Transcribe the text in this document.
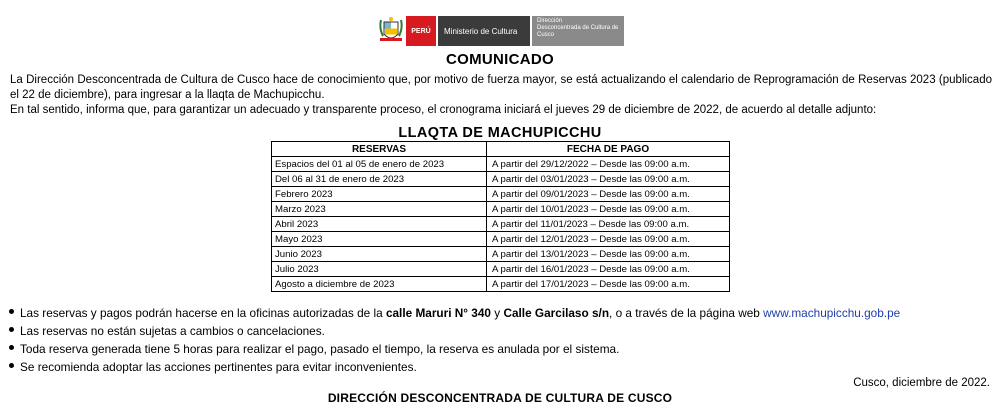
PERÚ Ministerio de Cultura
Dirección
Desconcentrada de Cultura de
Cusco
COMUNICADO

La Dirección Desconcentrada de Cultura de Cusco hace de conocimiento que, por motivo de fuerza mayor, se está actualizando el calendario de Reprogramación de Reservas 2023 (publicado el 22 de diciembre), para ingresar a la llaqta de Machupicchu.

En tal sentido, informa que, para garantizar un adecuado y transparente proceso, el cronograma iniciará el jueves 29 de diciembre de 2022, de acuerdo al detalle adjunto:

LLAQTA DE MACHUPICCHU
RESERVAS	FECHA DE PAGO
Espacios del 01 al 05 de enero de 2023	A partir del 29/12/2022 – Desde las 09:00 a.m.
Del 06 al 31 de enero de 2023	A partir del 03/01/2023 – Desde las 09:00 a.m.
Febrero 2023	A partir del 09/01/2023 – Desde las 09:00 a.m.
Marzo 2023	A partir del 10/01/2023 – Desde las 09:00 a.m.
Abril 2023	A partir del 11/01/2023 – Desde las 09:00 a.m.
Mayo 2023	A partir del 12/01/2023 – Desde las 09:00 a.m.
Junio 2023	A partir del 13/01/2023 – Desde las 09:00 a.m.
Julio 2023	A partir del 16/01/2023 – Desde las 09:00 a.m.
Agosto a diciembre de 2023	A partir del 17/01/2023 – Desde las 09:00 a.m.
Las reservas y pagos podrán hacerse en la oficinas autorizadas de la calle Maruri N° 340 y Calle Garcilaso s/n, o a través de la página web www.machupicchu.gob.pe
Las reservas no están sujetas a cambios o cancelaciones.
Toda reserva generada tiene 5 horas para realizar el pago, pasado el tiempo, la reserva es anulada por el sistema.
Se recomienda adoptar las acciones pertinentes para evitar inconvenientes.
Cusco, diciembre de 2022.
DIRECCIÓN DESCONCENTRADA DE CULTURA DE CUSCO
